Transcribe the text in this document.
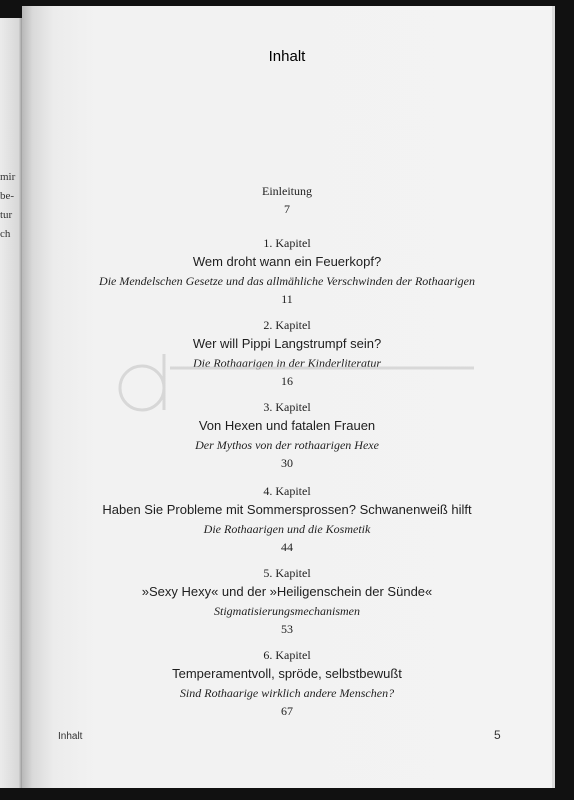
mir
be-
tur
ch
Inhalt
Einleitung
7
1. Kapitel
Wem droht wann ein Feuerkopf?
Die Mendelschen Gesetze und das allmähliche Verschwinden der Rothaarigen
11
2. Kapitel
Wer will Pippi Langstrumpf sein?
Die Rothaarigen in der Kinderliteratur
16
3. Kapitel
Von Hexen und fatalen Frauen
Der Mythos von der rothaarigen Hexe
30
4. Kapitel
Haben Sie Probleme mit Sommersprossen? Schwanenweiß hilft
Die Rothaarigen und die Kosmetik
44
5. Kapitel
»Sexy Hexy« und der »Heiligenschein der Sünde«
Stigmatisierungsmechanismen
53
6. Kapitel
Temperamentvoll, spröde, selbstbewußt
Sind Rothaarige wirklich andere Menschen?
67
Inhalt	5
